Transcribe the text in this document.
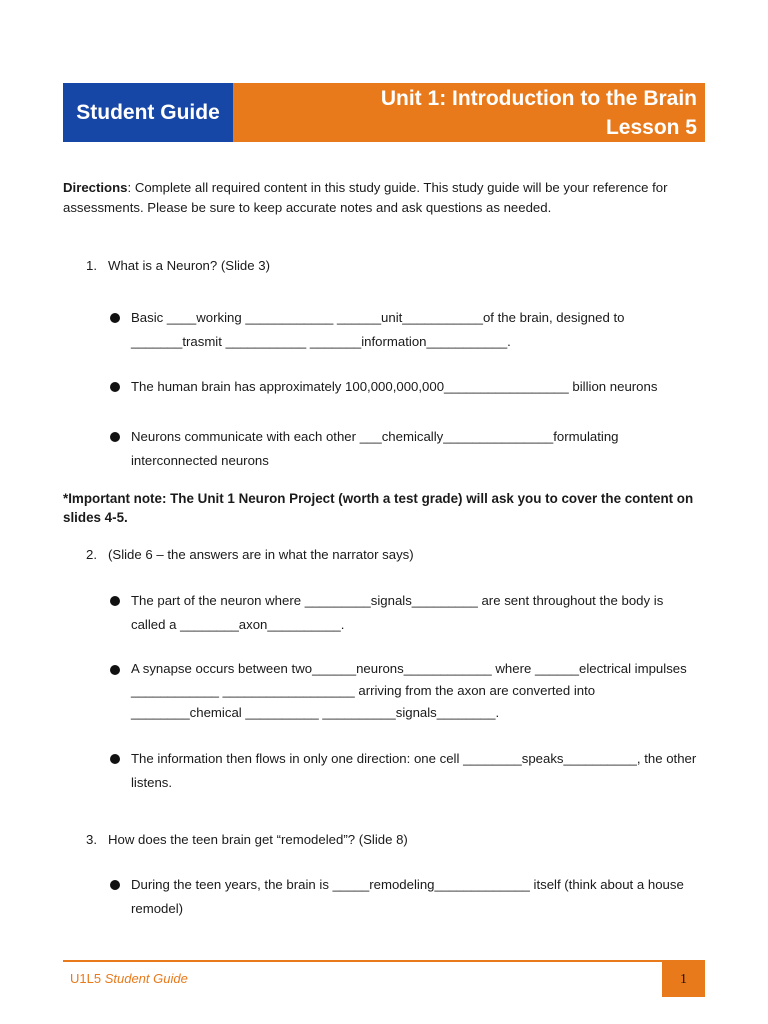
Student Guide
Unit 1: Introduction to the Brain
Lesson 5
Directions: Complete all required content in this study guide. This study guide will be your reference for assessments. Please be sure to keep accurate notes and ask questions as needed.
1. What is a Neuron? (Slide 3)
Basic ____working ____________ ______unit___________of the brain, designed to _______trasmit ___________ _______information___________.
The human brain has approximately 100,000,000,000_________________ billion neurons
Neurons communicate with each other ___chemically_______________formulating interconnected neurons
*Important note: The Unit 1 Neuron Project (worth a test grade) will ask you to cover the content on slides 4-5.
2. (Slide 6 – the answers are in what the narrator says)
The part of the neuron where _________signals_________ are sent throughout the body is called a ________axon__________.
A synapse occurs between two______neurons____________ where ______electrical impulses ____________ __________________ arriving from the axon are converted into ________chemical __________ __________signals________.
The information then flows in only one direction: one cell ________speaks__________, the other listens.
3. How does the teen brain get “remodeled”? (Slide 8)
During the teen years, the brain is _____remodeling_____________ itself (think about a house remodel)
U1L5 Student Guide	1
